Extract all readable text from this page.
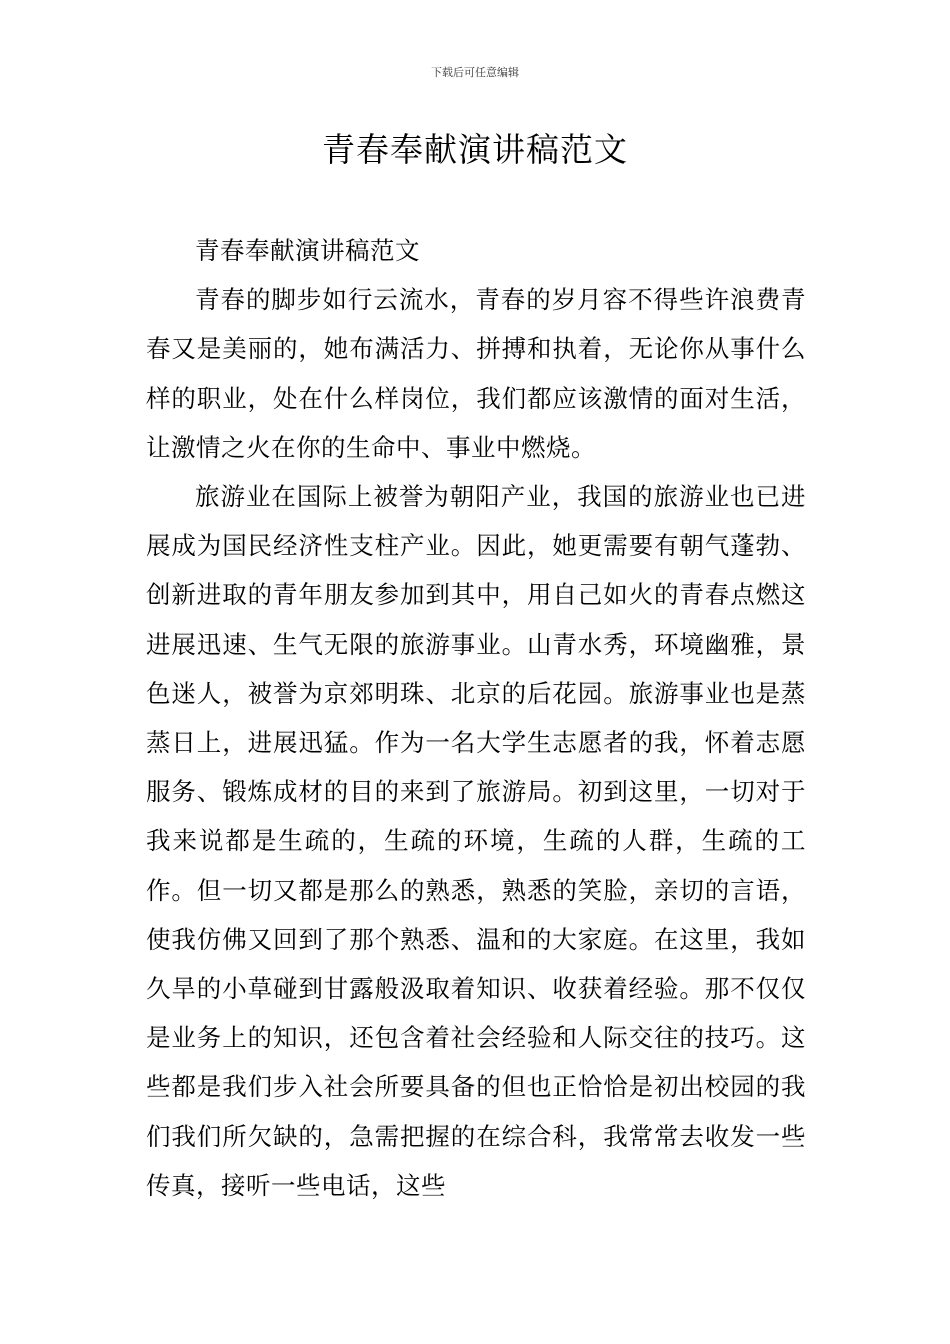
下载后可任意编辑
青春奉献演讲稿范文

青春奉献演讲稿范文

青春的脚步如行云流水，青春的岁月容不得些许浪费青春又是美丽的，她布满活力、拼搏和执着，无论你从事什么样的职业，处在什么样岗位，我们都应该激情的面对生活，让激情之火在你的生命中、事业中燃烧。

旅游业在国际上被誉为朝阳产业，我国的旅游业也已进展成为国民经济性支柱产业。因此，她更需要有朝气蓬勃、创新进取的青年朋友参加到其中，用自己如火的青春点燃这进展迅速、生气无限的旅游事业。山青水秀，环境幽雅，景色迷人，被誉为京郊明珠、北京的后花园。旅游事业也是蒸蒸日上，进展迅猛。作为一名大学生志愿者的我，怀着志愿服务、锻炼成材的目的来到了旅游局。初到这里，一切对于我来说都是生疏的，生疏的环境，生疏的人群，生疏的工作。但一切又都是那么的熟悉，熟悉的笑脸，亲切的言语，使我仿佛又回到了那个熟悉、温和的大家庭。在这里，我如久旱的小草碰到甘露般汲取着知识、收获着经验。那不仅仅是业务上的知识，还包含着社会经验和人际交往的技巧。这些都是我们步入社会所要具备的但也正恰恰是初出校园的我们我们所欠缺的，急需把握的在综合科，我常常去收发一些传真，接听一些电话，这些
